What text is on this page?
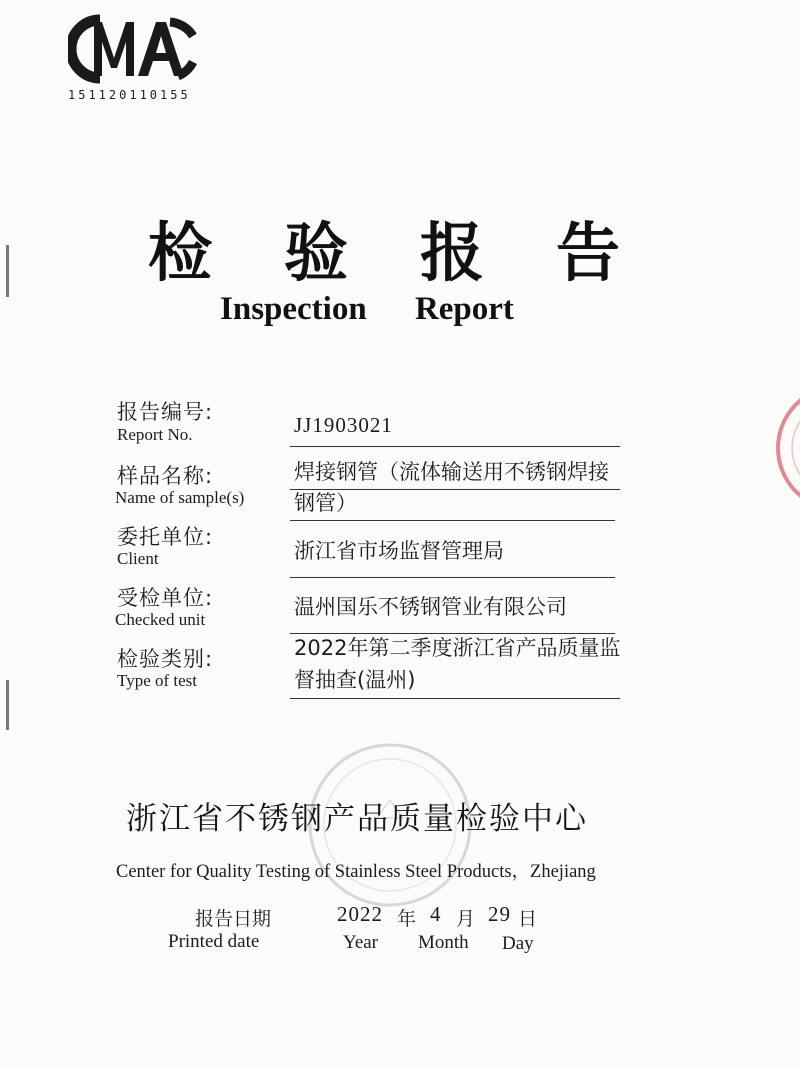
CMA
151120110155
检验报告
Inspection Report
报告编号:
Report No.	JJ1903021
样品名称:
Name of sample(s)
焊接钢管（流体输送用不锈钢焊接
钢管）
委托单位:
Client	浙江省市场监督管理局
受检单位:
Checked unit
温州国乐不锈钢管业有限公司
检验类别:
Type of test
2022年第二季度浙江省产品质量监
督抽查(温州)
浙江省不锈钢产品质量检验中心
Center for Quality Testing of Stainless Steel Products，Zhejiang
报告日期	2022 年 4 月 29 日
Printed date	Year Month Day
